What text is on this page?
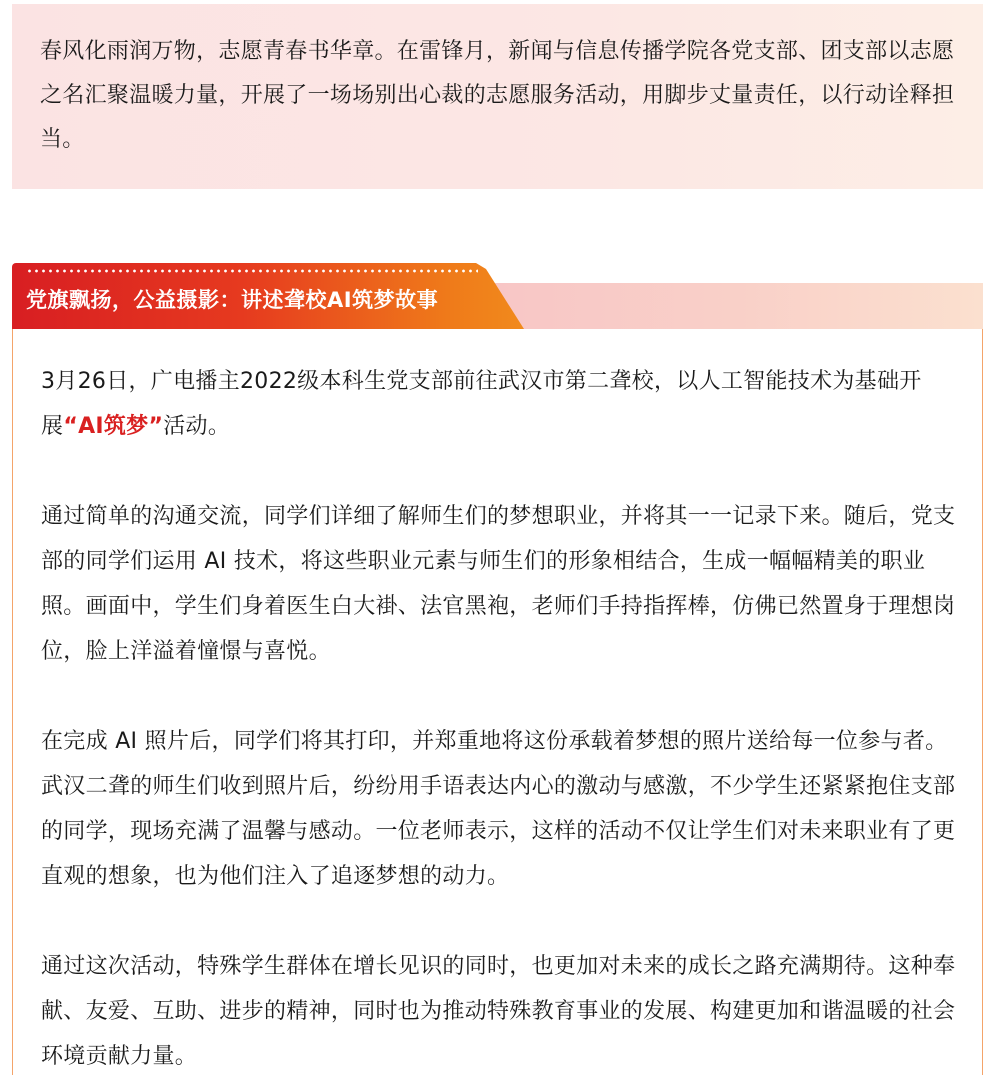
春风化雨润万物，志愿青春书华章。在雷锋月，新闻与信息传播学院各党支部、团支部以志愿之名汇聚温暖力量，开展了一场场别出心裁的志愿服务活动，用脚步丈量责任，以行动诠释担当。

党旗飘扬，公益摄影：讲述聋校AI筑梦故事

3月26日，广电播主2022级本科生党支部前往武汉市第二聋校，以人工智能技术为基础开展“AI筑梦”活动。

通过简单的沟通交流，同学们详细了解师生们的梦想职业，并将其一一记录下来。随后，党支部的同学们运用 AI 技术，将这些职业元素与师生们的形象相结合，生成一幅幅精美的职业照。画面中，学生们身着医生白大褂、法官黑袍，老师们手持指挥棒，仿佛已然置身于理想岗位，脸上洋溢着憧憬与喜悦。

在完成 AI 照片后，同学们将其打印，并郑重地将这份承载着梦想的照片送给每一位参与者。武汉二聋的师生们收到照片后，纷纷用手语表达内心的激动与感激，不少学生还紧紧抱住支部的同学，现场充满了温馨与感动。一位老师表示，这样的活动不仅让学生们对未来职业有了更直观的想象，也为他们注入了追逐梦想的动力。

通过这次活动，特殊学生群体在增长见识的同时，也更加对未来的成长之路充满期待。这种奉献、友爱、互助、进步的精神，同时也为推动特殊教育事业的发展、构建更加和谐温暖的社会环境贡献力量。
